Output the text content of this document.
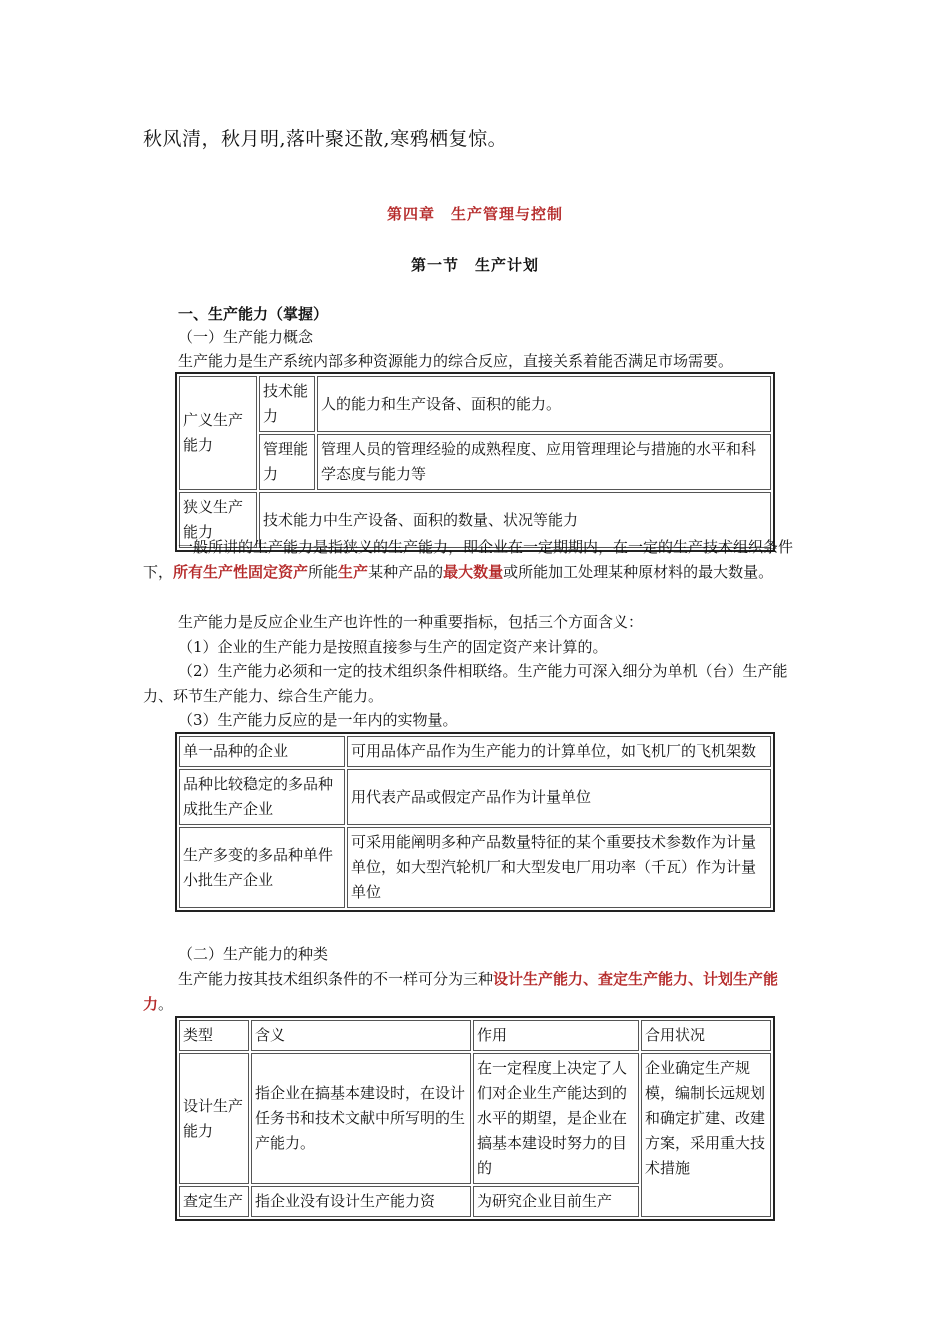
秋风清，秋月明,落叶聚还散,寒鸦栖复惊。
第四章　生产管理与控制
第一节　生产计划
一、生产能力（掌握）
（一）生产能力概念
生产能力是生产系统内部多种资源能力的综合反应，直接关系着能否满足市场需要。
广义生产能力	技术能力	人的能力和生产设备、面积的能力。
	管理能力	管理人员的管理经验的成熟程度、应用管理理论与措施的水平和科学态度与能力等
狭义生产能力	技术能力中生产设备、面积的数量、状况等能力	
一般所讲的生产能力是指狭义的生产能力，即企业在一定期期内，在一定的生产技术组织条件下，所有生产性固定资产所能生产某种产品的最大数量或所能加工处理某种原材料的最大数量。
生产能力是反应企业生产也许性的一种重要指标，包括三个方面含义：
（1）企业的生产能力是按照直接参与生产的固定资产来计算的。
（2）生产能力必须和一定的技术组织条件相联络。生产能力可深入细分为单机（台）生产能力、环节生产能力、综合生产能力。
（3）生产能力反应的是一年内的实物量。
单一品种的企业	可用品体产品作为生产能力的计算单位，如飞机厂的飞机架数
品种比较稳定的多品种成批生产企业	用代表产品或假定产品作为计量单位
生产多变的多品种单件小批生产企业	可采用能阐明多种产品数量特征的某个重要技术参数作为计量单位，如大型汽轮机厂和大型发电厂用功率（千瓦）作为计量单位
（二）生产能力的种类
生产能力按其技术组织条件的不一样可分为三种设计生产能力、查定生产能力、计划生产能力。
类型	含义	作用	合用状况
设计生产能力	指企业在搞基本建设时，在设计任务书和技术文献中所写明的生产能力。	在一定程度上决定了人们对企业生产能达到的水平的期望，是企业在搞基本建设时努力的目的	企业确定生产规模，编制长远规划和确定扩建、改建方案，采用重大技术措施
查定生产	指企业没有设计生产能力资	为研究企业目前生产	
